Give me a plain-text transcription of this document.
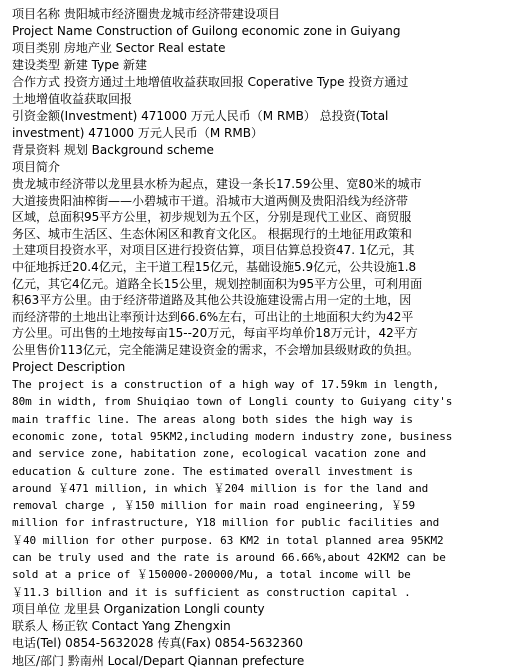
项目名称 贵阳城市经济圈贵龙城市经济带建设项目
Project Name Construction of Guilong economic zone in Guiyang
项目类别 房地产业 Sector Real estate
建设类型 新建 Type 新建
合作方式 投资方通过土地增值收益获取回报 Coperative Type 投资方通过
土地增值收益获取回报
引资金额(Investment) 471000 万元人民币（M RMB） 总投资(Total
investment) 471000 万元人民币（M RMB）
背景资料 规划 Background scheme
项目简介
贵龙城市经济带以龙里县水桥为起点，建设一条长17.59公里、宽80米的城市
大道接贵阳油榨街——小碧城市干道。沿城市大道两侧及贵阳沿线为经济带
区域，总面积95平方公里，初步规划为五个区，分别是现代工业区、商贸服
务区、城市生活区、生态休闲区和教育文化区。 根据现行的土地征用政策和
土建项目投资水平，对项目区进行投资估算，项目估算总投资47. 1亿元，其
中征地拆迁20.4亿元，主干道工程15亿元，基础设施5.9亿元，公共设施1.8
亿元，其它4亿元。道路全长15公里，规划控制面积为95平方公里，可利用面
积63平方公里。由于经济带道路及其他公共设施建设需占用一定的土地，因
而经济带的土地出让率预计达到66.6%左右，可出让的土地面积大约为42平
方公里。可出售的土地按每亩15--20万元，每亩平均单价18万元计，42平方
公里售价113亿元，完全能满足建设资金的需求，不会增加县级财政的负担。
Project Description
The project is a construction of a high way of 17.59km in length,
80m in width, from Shuiqiao town of Longli county to Guiyang city's
main traffic line. The areas along both sides the high way is
economic zone, total 95KM2,including modern industry zone, business
and service zone, habitation zone, ecological vacation zone and
education & culture zone. The estimated overall investment is
around ￥471 million, in which ￥204 million is for the land and
removal charge , ￥150 million for main road engineering, ￥59
million for infrastructure, Y18 million for public facilities and
￥40 million for other purpose. 63 KM2 in total planned area 95KM2
can be truly used and the rate is around 66.66%,about 42KM2 can be
sold at a price of ￥150000-200000/Mu, a total income will be
￥11.3 billion and it is sufficient as construction capital .
项目单位 龙里县 Organization Longli county
联系人 杨正钦 Contact Yang Zhengxin
电话(Tel) 0854-5632028 传真(Fax) 0854-5632360
地区/部门 黔南州 Local/Depart Qiannan prefecture
